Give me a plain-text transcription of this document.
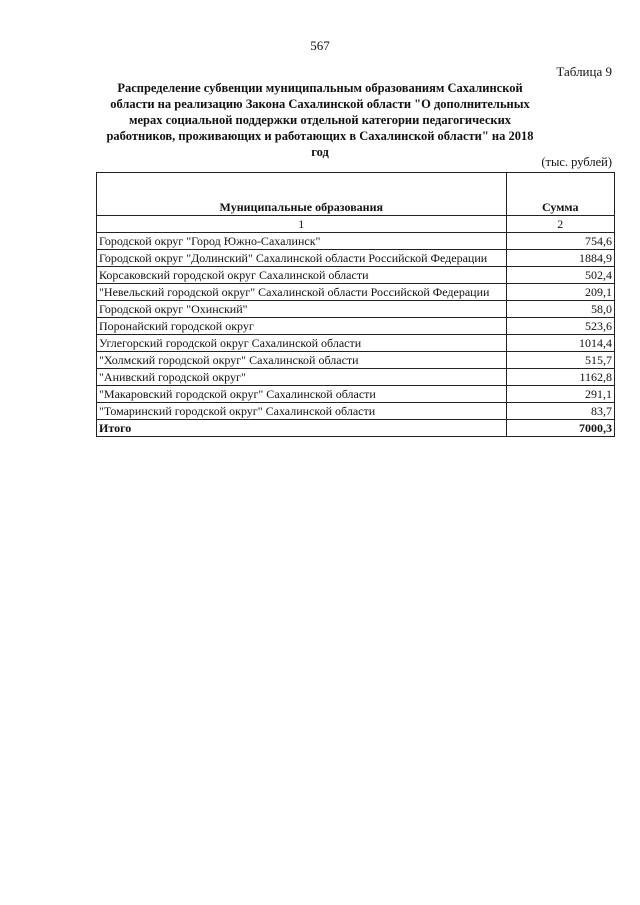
567
Таблица 9
Распределение субвенции муниципальным образованиям Сахалинской области на реализацию Закона Сахалинской области "О дополнительных мерах социальной поддержки отдельной категории педагогических работников, проживающих и работающих в Сахалинской области" на 2018 год
(тыс. рублей)
Муниципальные образования	Сумма
1	2
Городской округ "Город Южно-Сахалинск"	754,6
Городской округ "Долинский" Сахалинской области Российской Федерации	1884,9
Корсаковский городской округ Сахалинской области	502,4
"Невельский городской округ" Сахалинской области Российской Федерации	209,1
Городской округ "Охинский"	58,0
Поронайский городской округ	523,6
Углегорский городской округ Сахалинской области	1014,4
"Холмский городской округ" Сахалинской области	515,7
"Анивский городской округ"	1162,8
"Макаровский городской округ" Сахалинской области	291,1
"Томаринский городской округ" Сахалинской области	83,7
Итого	7000,3
